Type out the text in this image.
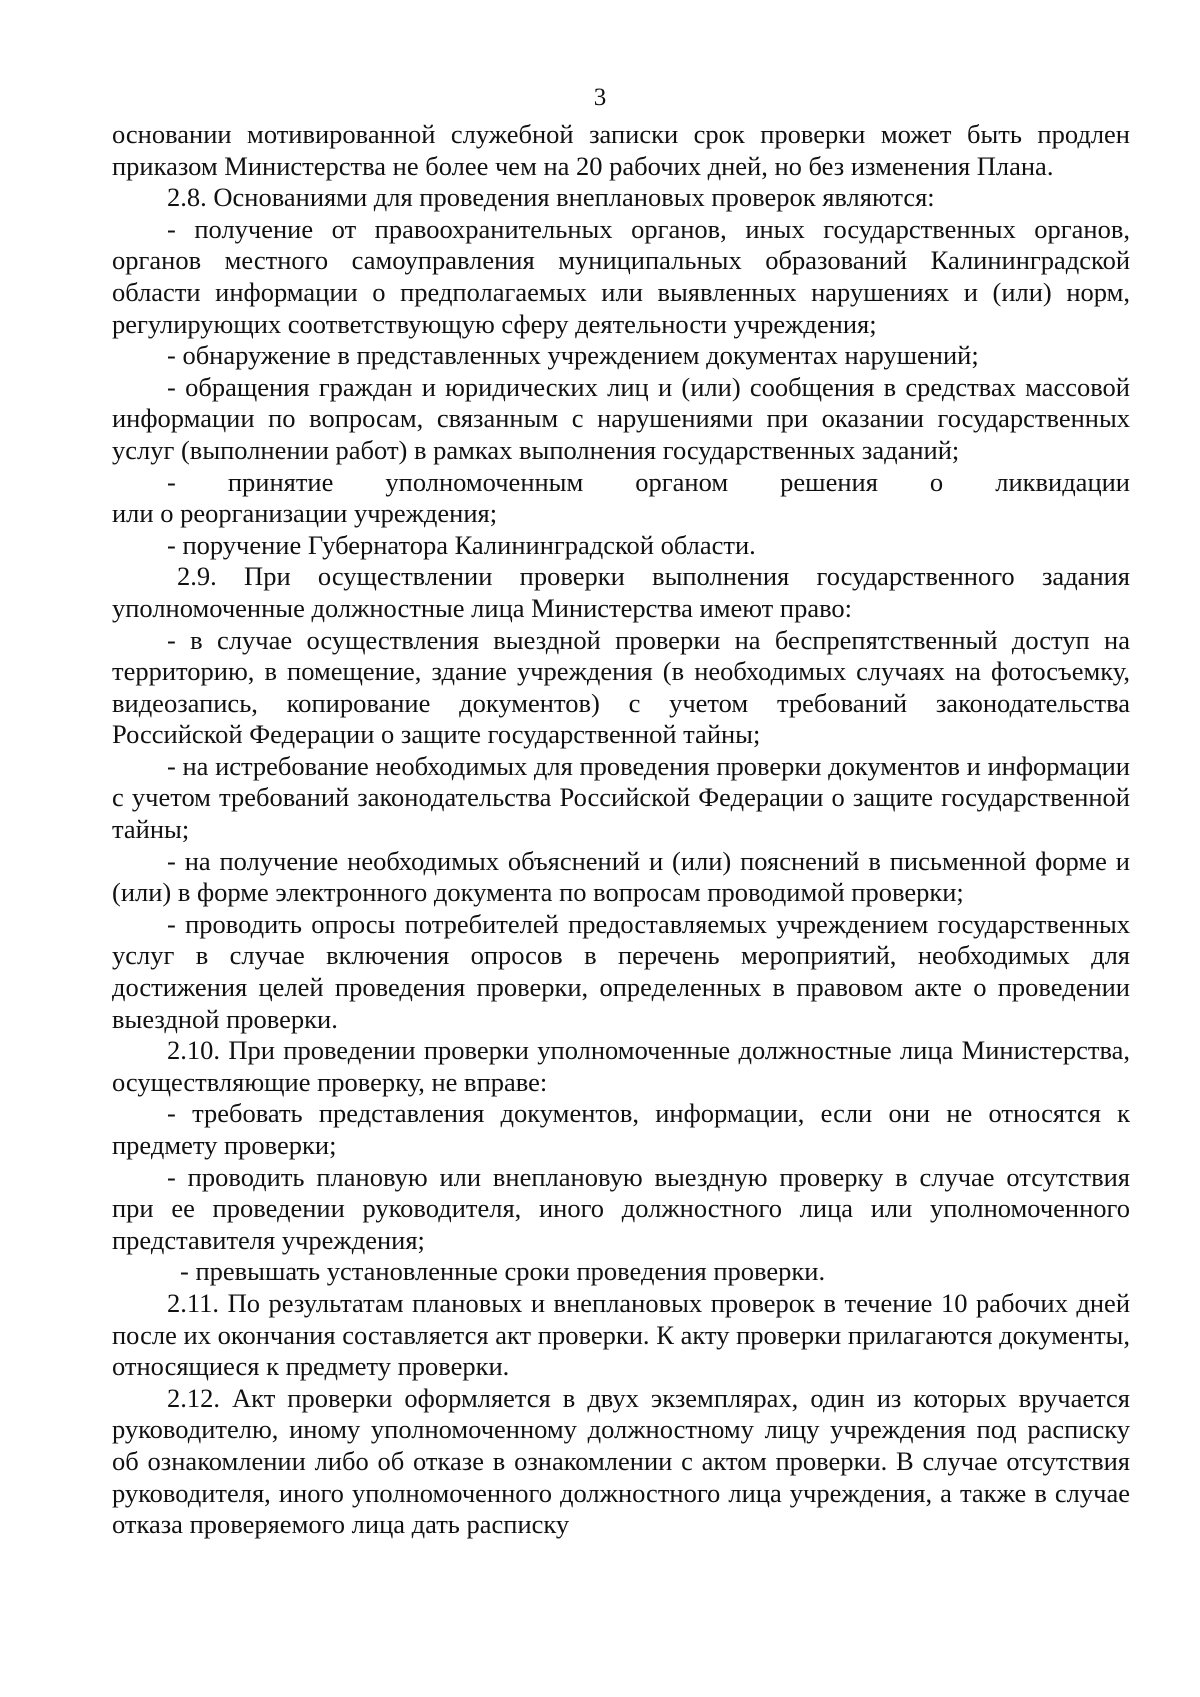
3

основании мотивированной служебной записки срок проверки может быть продлен приказом Министерства не более чем на 20 рабочих дней, но без изменения Плана.

2.8. Основаниями для проведения внеплановых проверок являются:

- получение от правоохранительных органов, иных государственных органов, органов местного самоуправления муниципальных образований Калининградской области информации о предполагаемых или выявленных нарушениях и (или) норм, регулирующих соответствующую сферу деятельности учреждения;

- обнаружение в представленных учреждением документах нарушений;

- обращения граждан и юридических лиц и (или) сообщения в средствах массовой информации по вопросам, связанным с нарушениями при оказании государственных услуг (выполнении работ) в рамках выполнения государственных заданий;

- принятие уполномоченным органом решения о ликвидации

или о реорганизации учреждения;

- поручение Губернатора Калининградской области.

2.9. При осуществлении проверки выполнения государственного задания уполномоченные должностные лица Министерства имеют право:

- в случае осуществления выездной проверки на беспрепятственный доступ на территорию, в помещение, здание учреждения (в необходимых случаях на фотосъемку, видеозапись, копирование документов) с учетом требований законодательства Российской Федерации о защите государственной тайны;

- на истребование необходимых для проведения проверки документов и информации с учетом требований законодательства Российской Федерации о защите государственной тайны;

- на получение необходимых объяснений и (или) пояснений в письменной форме и (или) в форме электронного документа по вопросам проводимой проверки;

- проводить опросы потребителей предоставляемых учреждением государственных услуг в случае включения опросов в перечень мероприятий, необходимых для достижения целей проведения проверки, определенных в правовом акте о проведении выездной проверки.

2.10. При проведении проверки уполномоченные должностные лица Министерства, осуществляющие проверку, не вправе:

- требовать представления документов, информации, если они не относятся к предмету проверки;

- проводить плановую или внеплановую выездную проверку в случае отсутствия при ее проведении руководителя, иного должностного лица или уполномоченного представителя учреждения;

- превышать установленные сроки проведения проверки.

2.11. По результатам плановых и внеплановых проверок в течение 10 рабочих дней после их окончания составляется акт проверки. К акту проверки прилагаются документы, относящиеся к предмету проверки.

2.12. Акт проверки оформляется в двух экземплярах, один из которых вручается руководителю, иному уполномоченному должностному лицу учреждения под расписку об ознакомлении либо об отказе в ознакомлении с актом проверки. В случае отсутствия руководителя, иного уполномоченного должностного лица учреждения, а также в случае отказа проверяемого лица дать расписку
